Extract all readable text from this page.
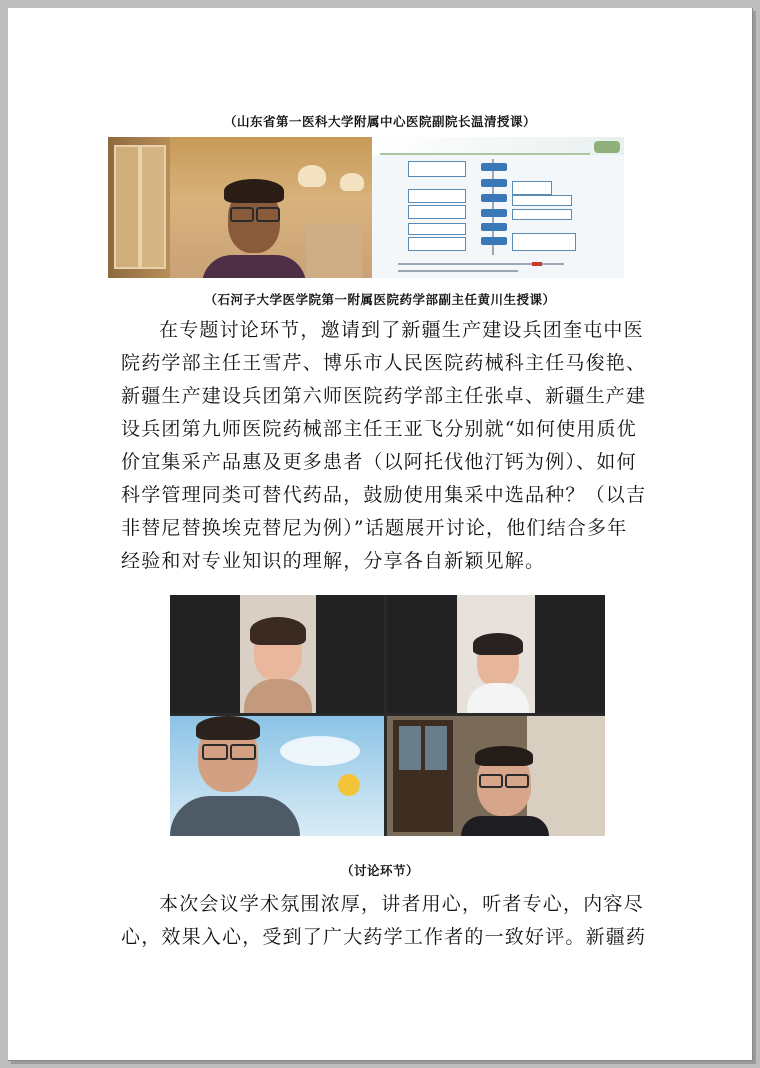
（山东省第一医科大学附属中心医院副院长温清授课）
（石河子大学医学院第一附属医院药学部副主任黄川生授课）
在专题讨论环节，邀请到了新疆生产建设兵团奎屯中医
院药学部主任王雪芹、博乐市人民医院药械科主任马俊艳、
新疆生产建设兵团第六师医院药学部主任张卓、新疆生产建
设兵团第九师医院药械部主任王亚飞分别就“如何使用质优
价宜集采产品惠及更多患者（以阿托伐他汀钙为例）、如何
科学管理同类可替代药品，鼓励使用集采中选品种？（以吉
非替尼替换埃克替尼为例）”话题展开讨论，他们结合多年
经验和对专业知识的理解，分享各自新颖见解。
（讨论环节）
本次会议学术氛围浓厚，讲者用心，听者专心，内容尽
心，效果入心，受到了广大药学工作者的一致好评。新疆药
